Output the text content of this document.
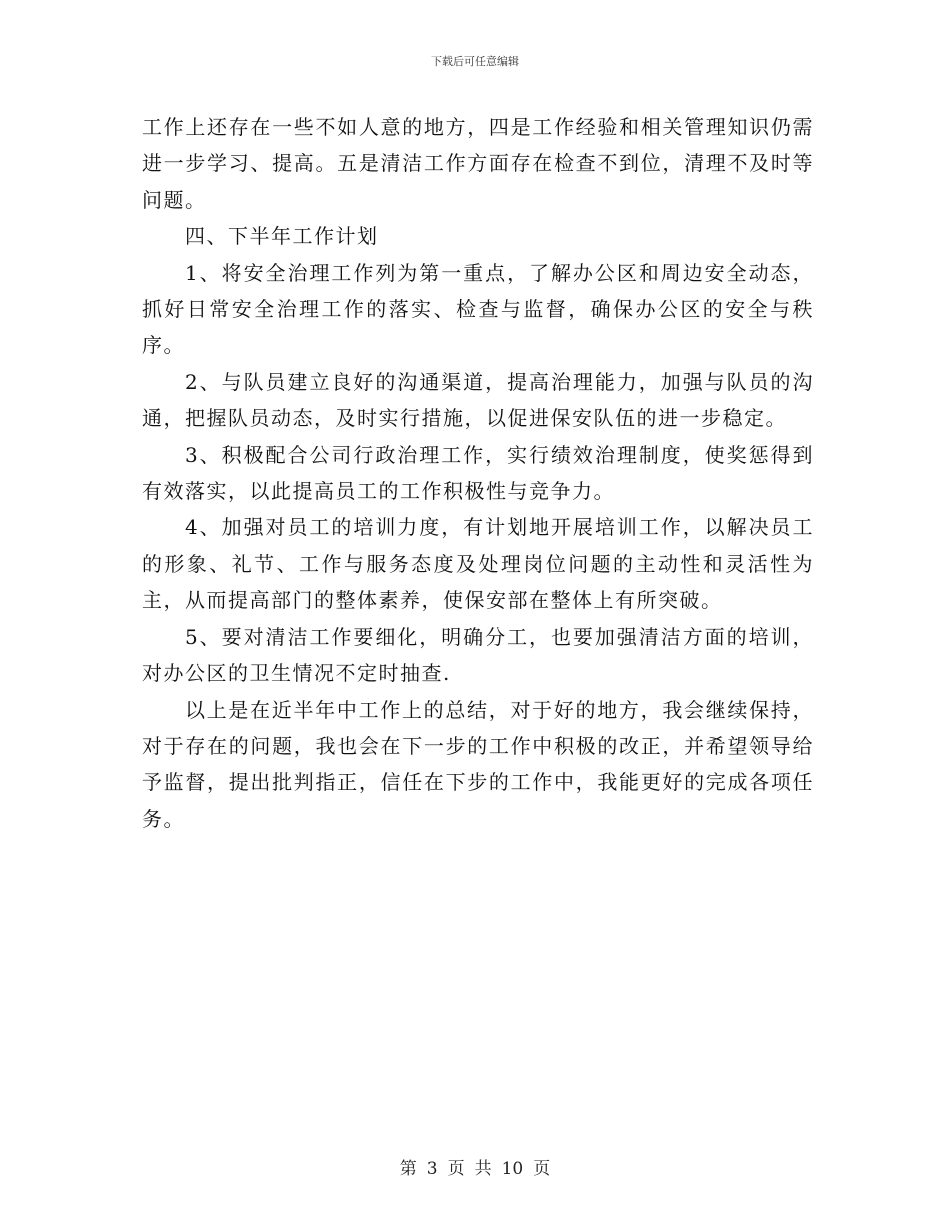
下载后可任意编辑

工作上还存在一些不如人意的地方，四是工作经验和相关管理知识仍需进一步学习、提高。五是清洁工作方面存在检查不到位，清理不及时等问题。

四、下半年工作计划

1、将安全治理工作列为第一重点，了解办公区和周边安全动态，抓好日常安全治理工作的落实、检查与监督，确保办公区的安全与秩序。

2、与队员建立良好的沟通渠道，提高治理能力，加强与队员的沟通，把握队员动态，及时实行措施，以促进保安队伍的进一步稳定。

3、积极配合公司行政治理工作，实行绩效治理制度，使奖惩得到有效落实，以此提高员工的工作积极性与竞争力。

4、加强对员工的培训力度，有计划地开展培训工作，以解决员工的形象、礼节、工作与服务态度及处理岗位问题的主动性和灵活性为主，从而提高部门的整体素养，使保安部在整体上有所突破。

5、要对清洁工作要细化，明确分工，也要加强清洁方面的培训，对办公区的卫生情况不定时抽查.

以上是在近半年中工作上的总结，对于好的地方，我会继续保持，对于存在的问题，我也会在下一步的工作中积极的改正，并希望领导给予监督，提出批判指正，信任在下步的工作中，我能更好的完成各项任务。

第 3 页 共 10 页
